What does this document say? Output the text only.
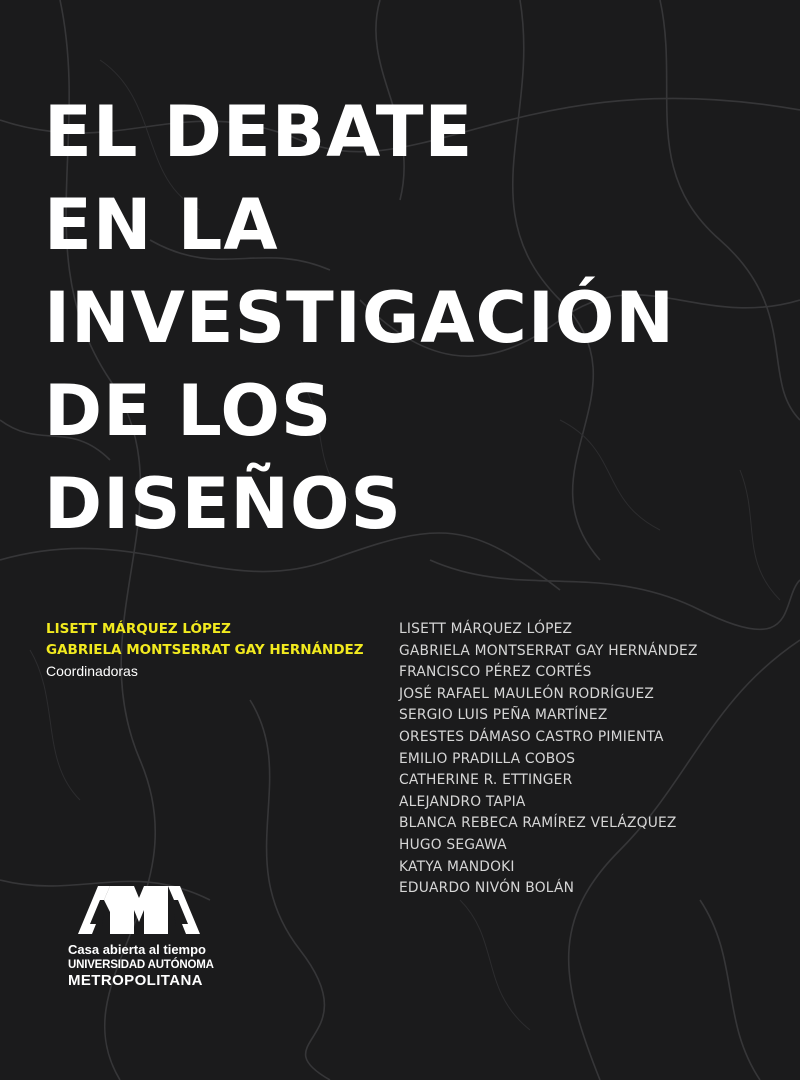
EL DEBATE
EN LA
INVESTIGACIÓN
DE LOS
DISEÑOS
LISETT MÁRQUEZ LÓPEZ
GABRIELA MONTSERRAT GAY HERNÁNDEZ
Coordinadoras
LISETT MÁRQUEZ LÓPEZ
GABRIELA MONTSERRAT GAY HERNÁNDEZ
FRANCISCO PÉREZ CORTÉS
JOSÉ RAFAEL MAULEÓN RODRÍGUEZ
SERGIO LUIS PEÑA MARTÍNEZ
ORESTES DÁMASO CASTRO PIMIENTA
EMILIO PRADILLA COBOS
CATHERINE R. ETTINGER
ALEJANDRO TAPIA
BLANCA REBECA RAMÍREZ VELÁZQUEZ
HUGO SEGAWA
KATYA MANDOKI
EDUARDO NIVÓN BOLÁN
Casa abierta al tiempo
UNIVERSIDAD AUTÓNOMA
METROPOLITANA
